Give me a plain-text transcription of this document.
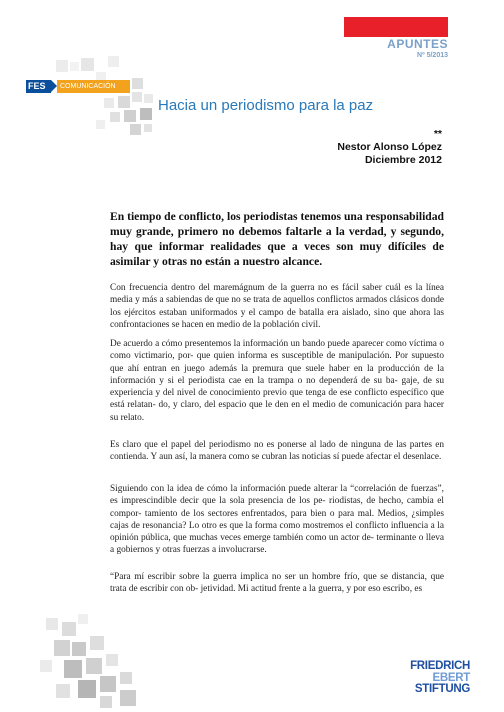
APUNTES
Nº 5/2013
FES	COMUNICACIÓN
Hacia un periodismo para la paz
**
Nestor Alonso López
Diciembre 2012
En tiempo de conflicto, los periodistas tenemos una responsabilidad muy grande, primero no debemos faltarle a la verdad, y segundo, hay que informar realidades que a veces son muy difíciles de asimilar y otras no están a nuestro alcance.

Con frecuencia dentro del maremágnum de la guerra no es fácil saber cuál es la línea media y más a sabiendas de que no se trata de aquellos conflictos armados clásicos donde los ejércitos estaban uniformados y el campo de batalla era aislado, sino que ahora las confrontaciones se hacen en medio de la población civil.

De acuerdo a cómo presentemos la información un bando puede aparecer como víctima o como victimario, por- que quien informa es susceptible de manipulación. Por supuesto que ahí entran en juego además la premura que suele haber en la producción de la información y si el periodista cae en la trampa o no dependerá de su ba- gaje, de su experiencia y del nivel de conocimiento previo que tenga de ese conflicto específico que está relatan- do, y claro, del espacio que le den en el medio de comunicación para hacer su relato.

Es claro que el papel del periodismo no es ponerse al lado de ninguna de las partes en contienda. Y aun así, la manera como se cubran las noticias sí puede afectar el desenlace.

Siguiendo con la idea de cómo la información puede alterar la “correlación de fuerzas”, es imprescindible decir que la sola presencia de los pe- riodistas, de hecho, cambia el compor- tamiento de los sectores enfrentados, para bien o para mal. Medios, ¿simples cajas de resonancia? Lo otro es que la forma como mostremos el conflicto influencia a la opinión pública, que muchas veces emerge también como un actor de- terminante o lleva a gobiernos y otras fuerzas a involucrarse.

“Para mí escribir sobre la guerra implica no ser un hombre frío, que se distancia, que trata de escribir con ob- jetividad. Mi actitud frente a la guerra, y por eso escribo, es

FRIEDRICH
EBERT
STIFTUNG
